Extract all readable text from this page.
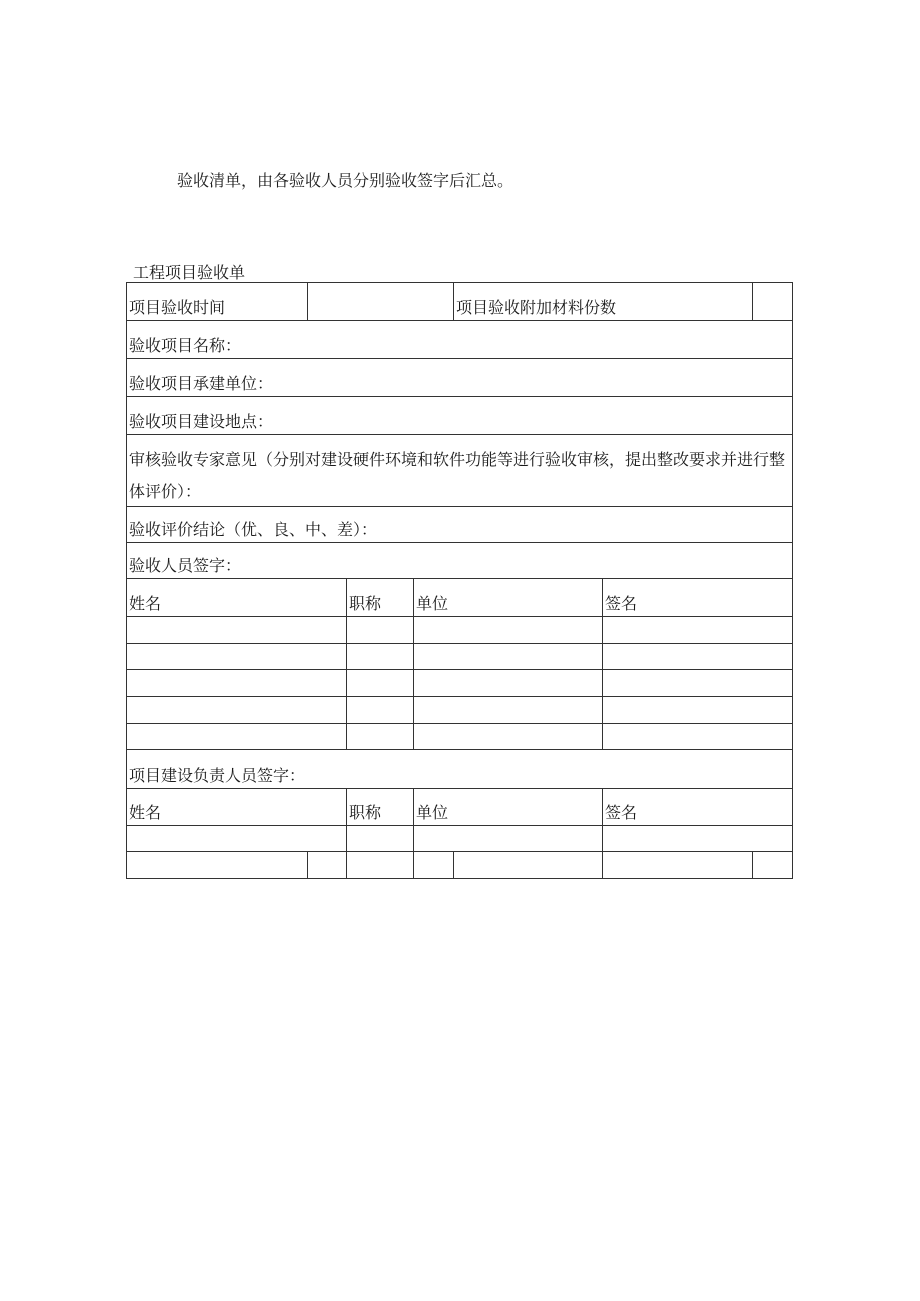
验收清单，由各验收人员分别验收签字后汇总。
工程项目验收单
项目验收时间	项目验收附加材料份数
验收项目名称：
验收项目承建单位：
验收项目建设地点：
审核验收专家意见（分别对建设硬件环境和软件功能等进行验收审核，提出整改要求并进行整体评价）：
验收评价结论（优、良、中、差）：
验收人员签字：
姓名	职称 单位	签名
项目建设负责人员签字：
姓名	职称 单位	签名
